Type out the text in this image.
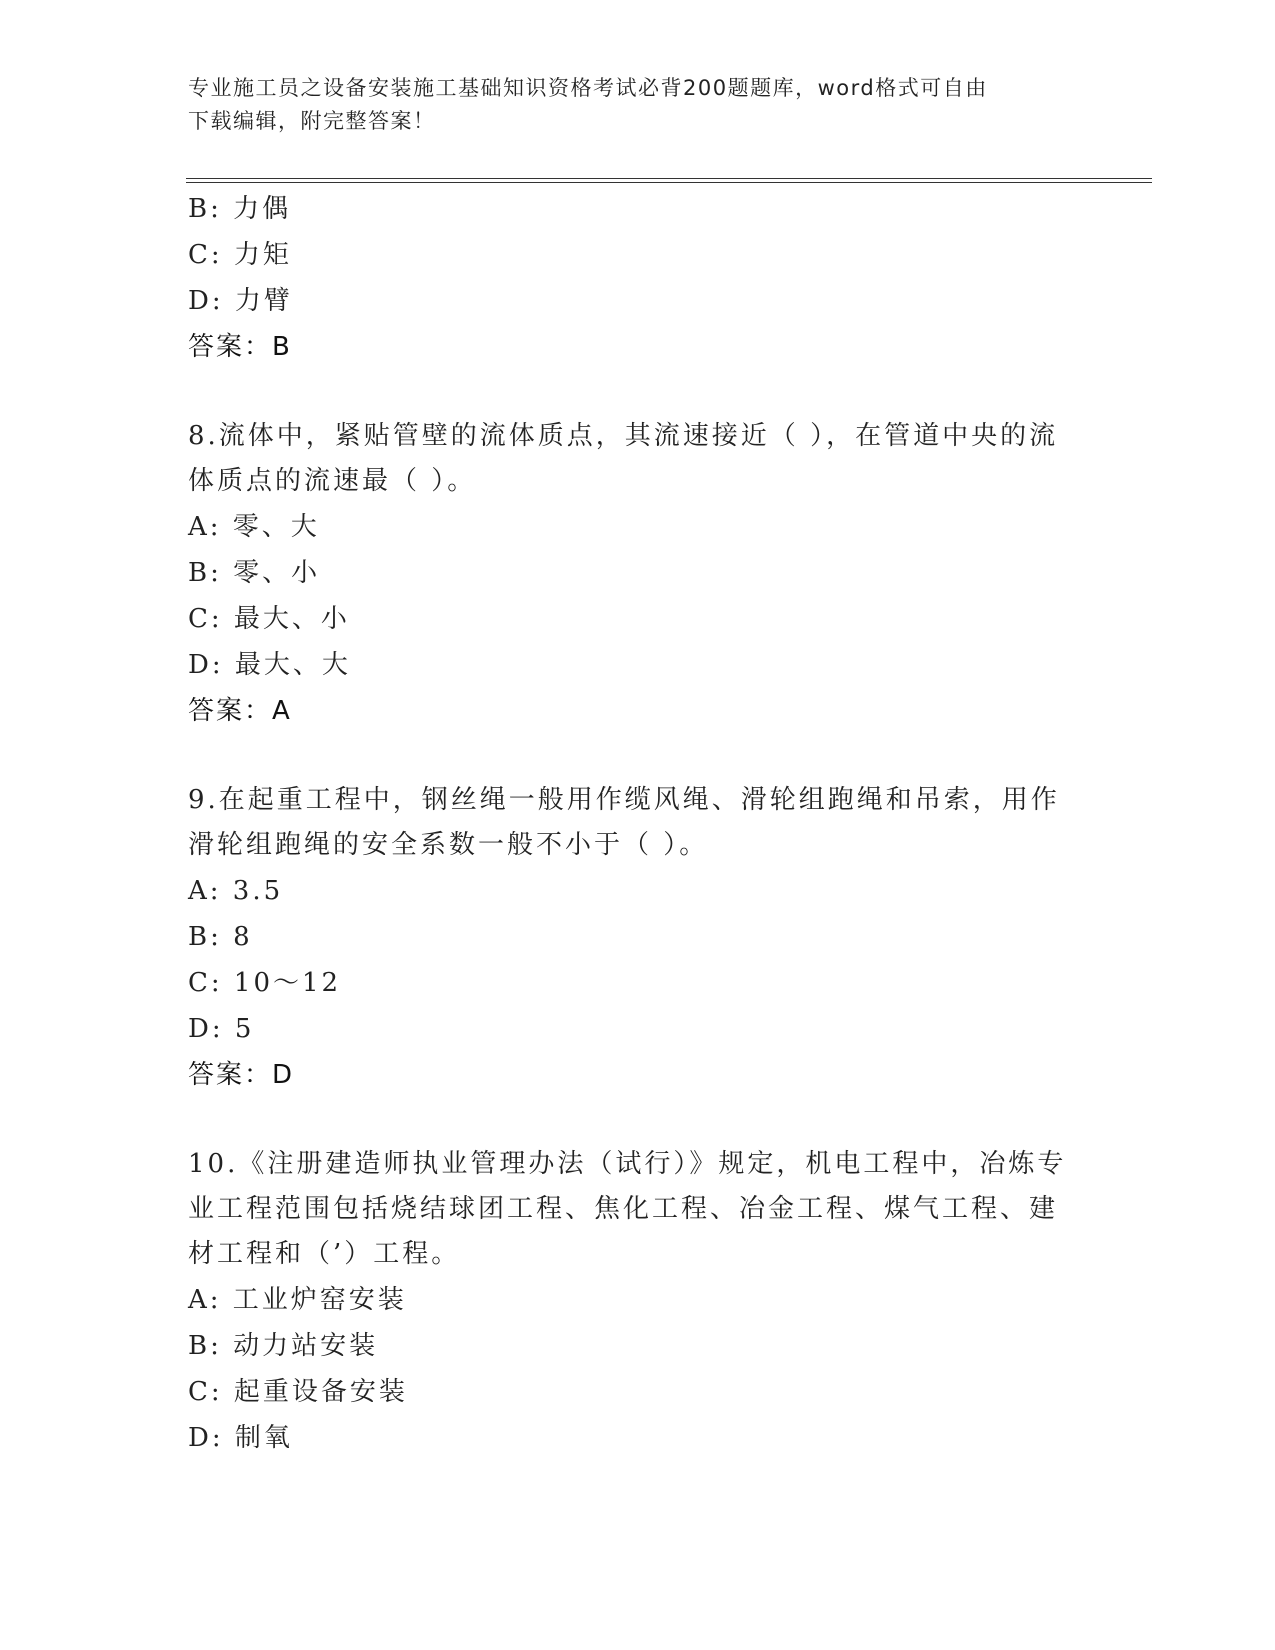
专业施工员之设备安装施工基础知识资格考试必背200题题库，word格式可自由
下载编辑，附完整答案！
B: 力偶
C: 力矩
D: 力臂
答案：B
8.流体中，紧贴管壁的流体质点，其流速接近（ ），在管道中央的流
体质点的流速最（ ）。
A: 零、大
B: 零、小
C: 最大、小
D: 最大、大
答案：A
9.在起重工程中，钢丝绳一般用作缆风绳、滑轮组跑绳和吊索，用作
滑轮组跑绳的安全系数一般不小于（ ）。
A: 3.5
B: 8
C: 10～12
D: 5
答案：D
10.《注册建造师执业管理办法（试行）》规定，机电工程中，冶炼专
业工程范围包括烧结球团工程、焦化工程、冶金工程、煤气工程、建
材工程和（’）工程。
A: 工业炉窑安装
B: 动力站安装
C: 起重设备安装
D: 制氧
